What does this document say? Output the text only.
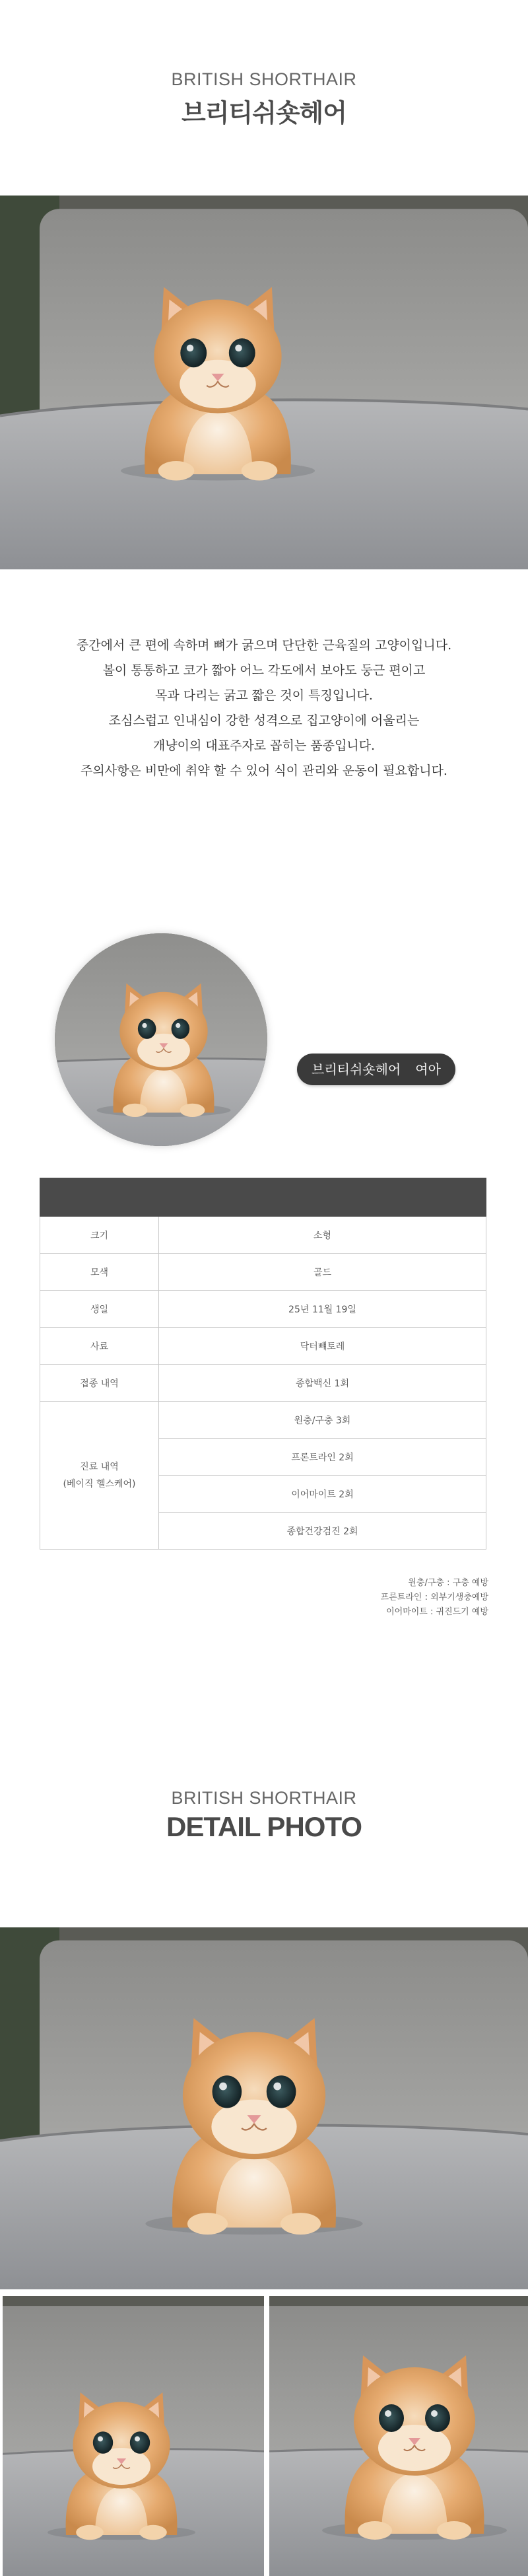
BRITISH SHORTHAIR
브리티쉬숏헤어

중간에서 큰 편에 속하며 뼈가 굵으며 단단한 근육질의 고양이입니다.

볼이 통통하고 코가 짧아 어느 각도에서 보아도 둥근 편이고

목과 다리는 굵고 짧은 것이 특징입니다.

조심스럽고 인내심이 강한 성격으로 집고양이에 어울리는

개냥이의 대표주자로 꼽히는 품종입니다.

주의사항은 비만에 취약 할 수 있어 식이 관리와 운동이 필요합니다.

브리티쉬숏헤어 여아

크기	소형
모색	골드
생일	25년 11월 19일
사료	닥터뺴토레
접종 내역	종합백신 1회

진료 내역
(베이직 헬스케어)	원충/구충 3회
	프론트라인 2회
	이어마이트 2회
	종합건강검진 2회
원충/구충 : 구충 예방
프론트라인 : 외부기생충예방
이어마이트 : 귀진드기 예방
BRITISH SHORTHAIR
DETAIL PHOTO
